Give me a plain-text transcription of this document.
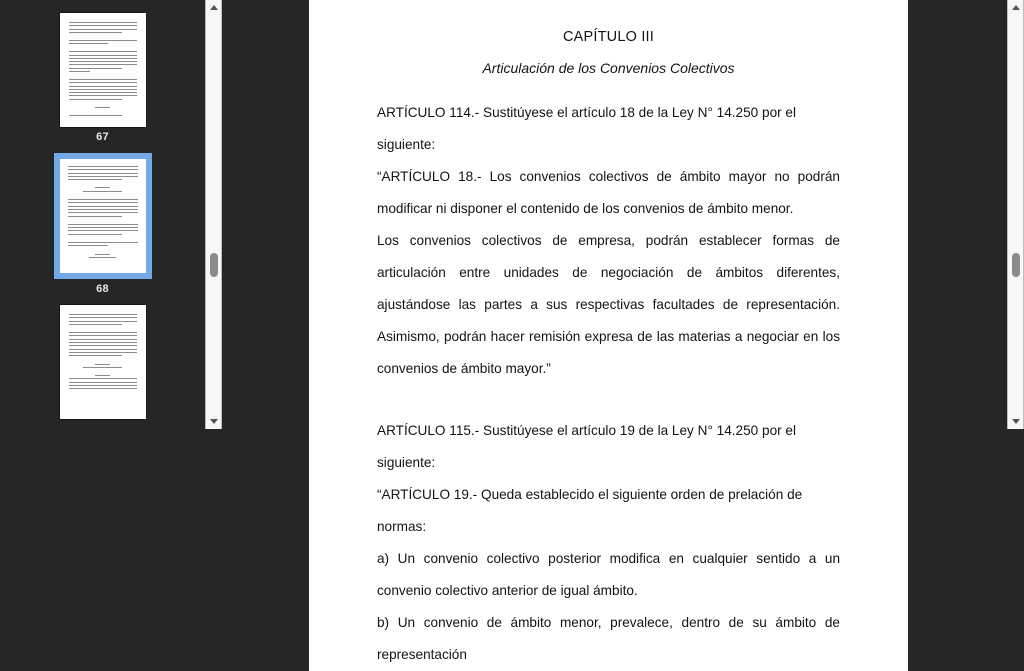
67
68
CAPÍTULO III
Articulación de los Convenios Colectivos

ARTÍCULO 114.- Sustitúyese el artículo 18 de la Ley N° 14.250 por el siguiente:

“ARTÍCULO 18.- Los convenios colectivos de ámbito mayor no podrán modificar ni disponer el contenido de los convenios de ámbito menor.

Los convenios colectivos de empresa, podrán establecer formas de articulación entre unidades de negociación de ámbitos diferentes, ajustándose las partes a sus respectivas facultades de representación. Asimismo, podrán hacer remisión expresa de las materias a negociar en los convenios de ámbito mayor.”

ARTÍCULO 115.- Sustitúyese el artículo 19 de la Ley N° 14.250 por el siguiente:

“ARTÍCULO 19.- Queda establecido el siguiente orden de prelación de normas:

a) Un convenio colectivo posterior modifica en cualquier sentido a un convenio colectivo anterior de igual ámbito.

b) Un convenio de ámbito menor, prevalece, dentro de su ámbito de representación
